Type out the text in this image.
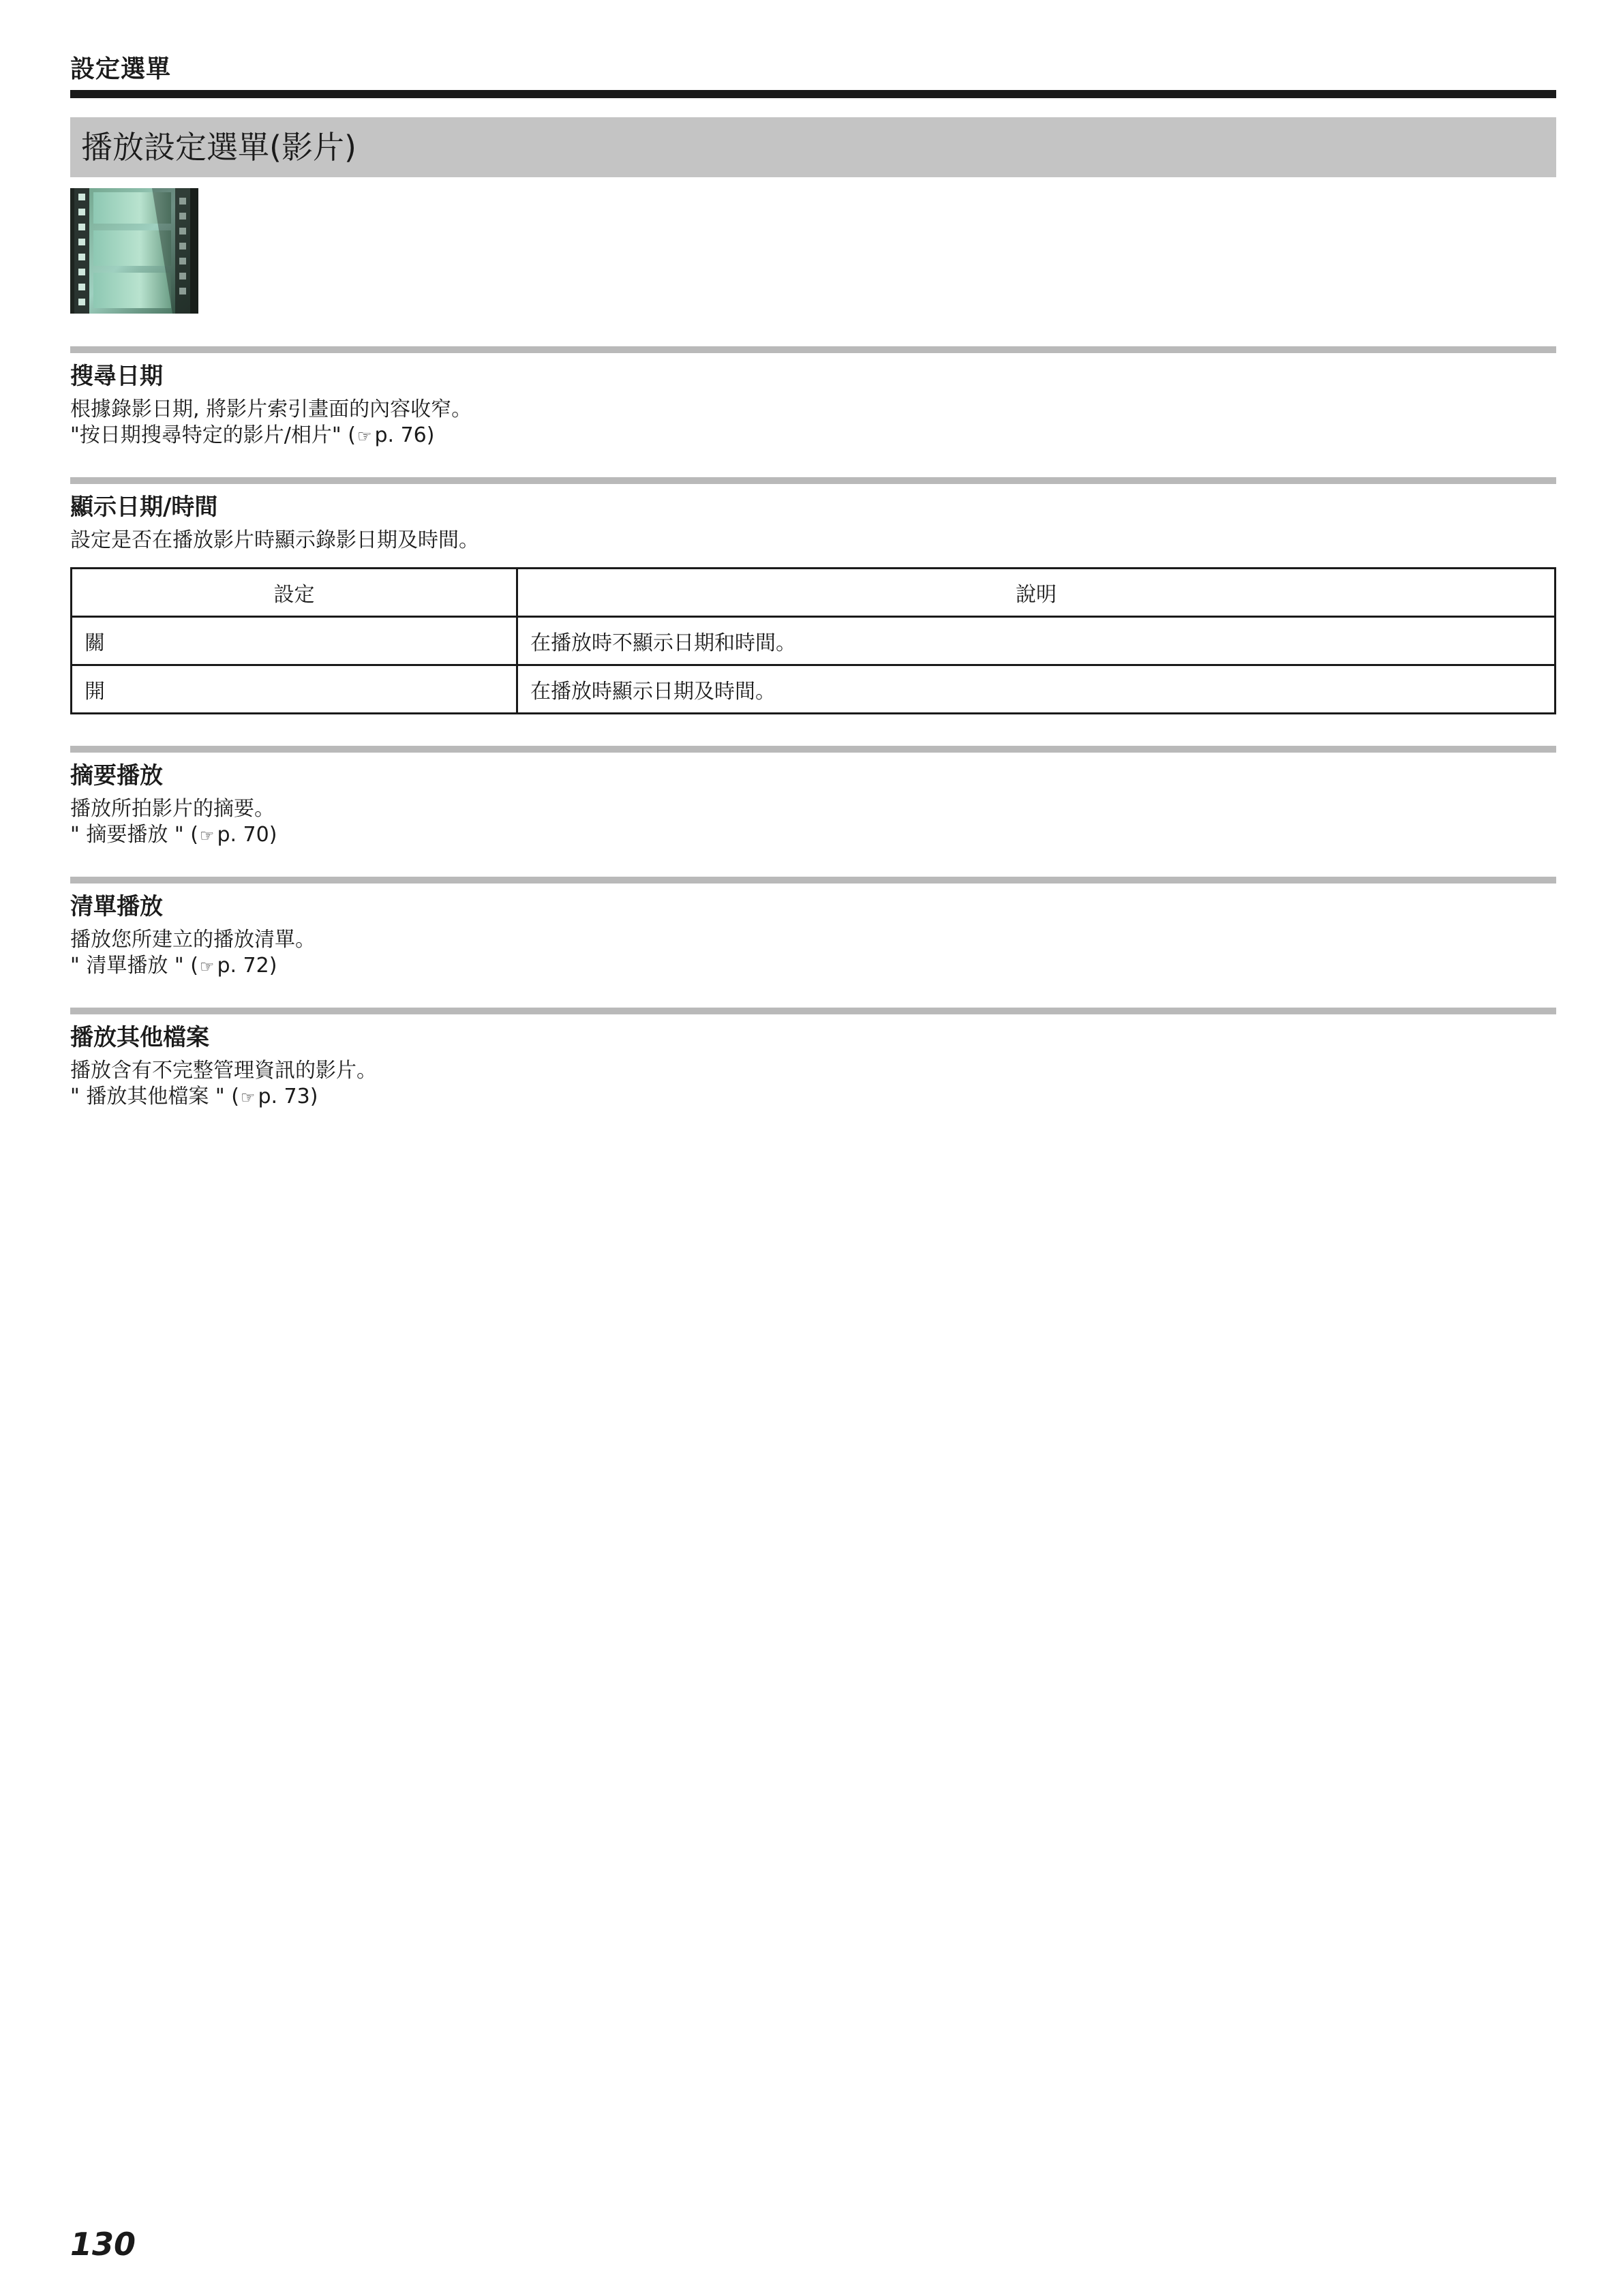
設定選單
播放設定選單(影片)
搜尋日期
根據錄影日期, 將影片索引畫面的內容收窄。
"按日期搜尋特定的影片/相片" (☞ p. 76)
顯示日期/時間
設定是否在播放影片時顯示錄影日期及時間。
設定	說明
關	在播放時不顯示日期和時間。
開	在播放時顯示日期及時間。
摘要播放
播放所拍影片的摘要。
" 摘要播放 " (☞ p. 70)
清單播放
播放您所建立的播放清單。
" 清單播放 " (☞ p. 72)
播放其他檔案
播放含有不完整管理資訊的影片。
" 播放其他檔案 " (☞ p. 73)
130
